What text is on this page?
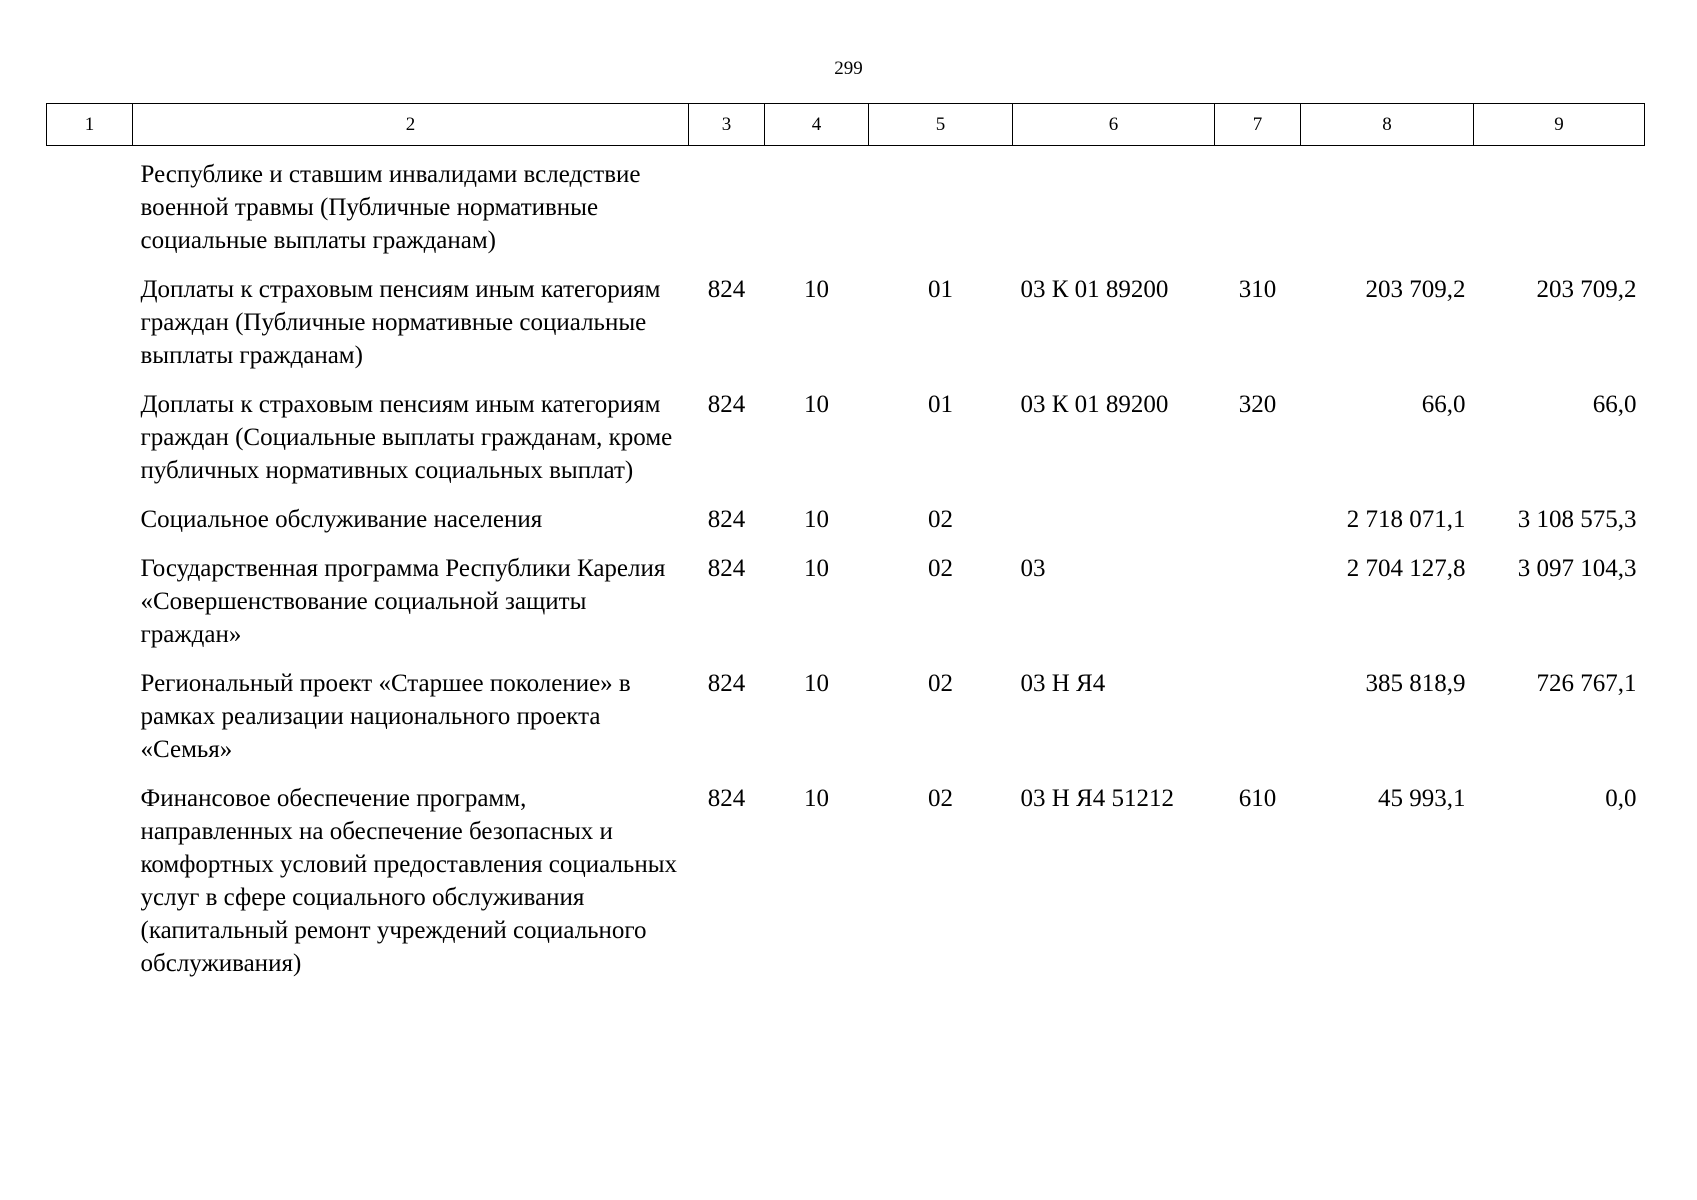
299
1	2	3	4	5	6	7	8	9
	Республике и ставшим инвалидами вследствие военной травмы (Публичные нормативные социальные выплаты гражданам)							
	Доплаты к страховым пенсиям иным категориям граждан (Публичные нормативные социальные выплаты гражданам)	824	10	01	03 К 01 89200	310	203 709,2	203 709,2
	Доплаты к страховым пенсиям иным категориям граждан (Социальные выплаты гражданам, кроме публичных нормативных социальных выплат)	824	10	01	03 К 01 89200	320	66,0	66,0
	Социальное обслуживание населения	824	10	02			2 718 071,1	3 108 575,3
	Государственная программа Республики Карелия «Совершенствование социальной защиты граждан»	824	10	02	03		2 704 127,8	3 097 104,3
	Региональный проект «Старшее поколение» в рамках реализации национального проекта «Семья»	824	10	02	03 Н Я4		385 818,9	726 767,1
	Финансовое обеспечение программ, направленных на обеспечение безопасных и комфортных условий предоставления социальных услуг в сфере социального обслуживания (капитальный ремонт учреждений социального обслуживания)	824	10	02	03 Н Я4 51212	610	45 993,1	0,0
